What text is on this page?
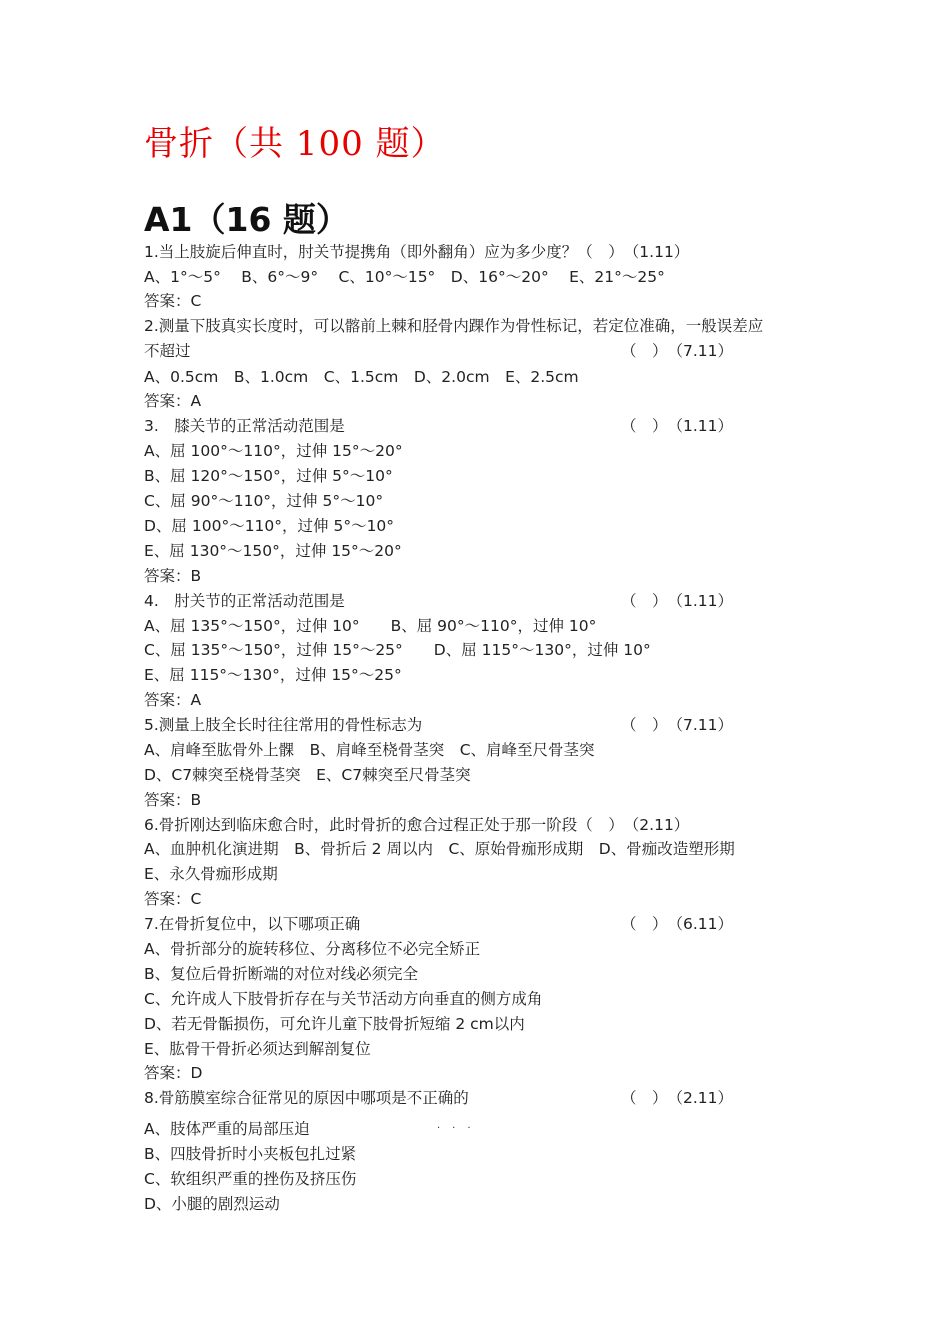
骨折（共 100 题）
A1（16 题）
1.当上肢旋后伸直时，肘关节提携角（即外翻角）应为多少度？（　）　（1.11）
A、1°～5°　 B、6°～9°　 C、10°～15°　D、16°～20°　 E、21°～25°
答案：C
2.测量下肢真实长度时，可以髂前上棘和胫骨内踝作为骨性标记，若定位准确，一般误差应
不超过	（　）　（7.11）
A、0.5cm　B、1.0cm　C、1.5cm　D、2.0cm　E、2.5cm
答案：A
3.　膝关节的正常活动范围是	（　）　（1.11）
A、屈 100°～110°，过伸 15°～20°
B、屈 120°～150°，过伸 5°～10°
C、屈 90°～110°，过伸 5°～10°
D、屈 100°～110°，过伸 5°～10°
E、屈 130°～150°，过伸 15°～20°
答案：B
4.　肘关节的正常活动范围是	（　）　（1.11）
A、屈 135°～150°，过伸 10°　　B、屈 90°～110°，过伸 10°
C、屈 135°～150°，过伸 15°～25°　　D、屈 115°～130°，过伸 10°
E、屈 115°～130°，过伸 15°～25°
答案：A
5.测量上肢全长时往往常用的骨性标志为	（　）　（7.11）
A、肩峰至肱骨外上髁　B、肩峰至桡骨茎突　C、肩峰至尺骨茎突
D、C7棘突至桡骨茎突　E、C7棘突至尺骨茎突
答案：B
6.骨折刚达到临床愈合时，此时骨折的愈合过程正处于那一阶段（　）　（2.11）
A、血肿机化演进期　B、骨折后 2 周以内　C、原始骨痂形成期　D、骨痂改造塑形期
E、永久骨痂形成期
答案：C
7.在骨折复位中，以下哪项正确	（　）　（6.11）
A、骨折部分的旋转移位、分离移位不必完全矫正
B、复位后骨折断端的对位对线必须完全
C、允许成人下肢骨折存在与关节活动方向垂直的侧方成角
D、若无骨骺损伤，可允许儿童下肢骨折短缩 2 cm以内
E、肱骨干骨折必须达到解剖复位
答案：D
8.骨筋膜室综合征常见的原因中哪项是不正确的	（　）　（2.11）
···
A、肢体严重的局部压迫
B、四肢骨折时小夹板包扎过紧
C、软组织严重的挫伤及挤压伤
D、小腿的剧烈运动
